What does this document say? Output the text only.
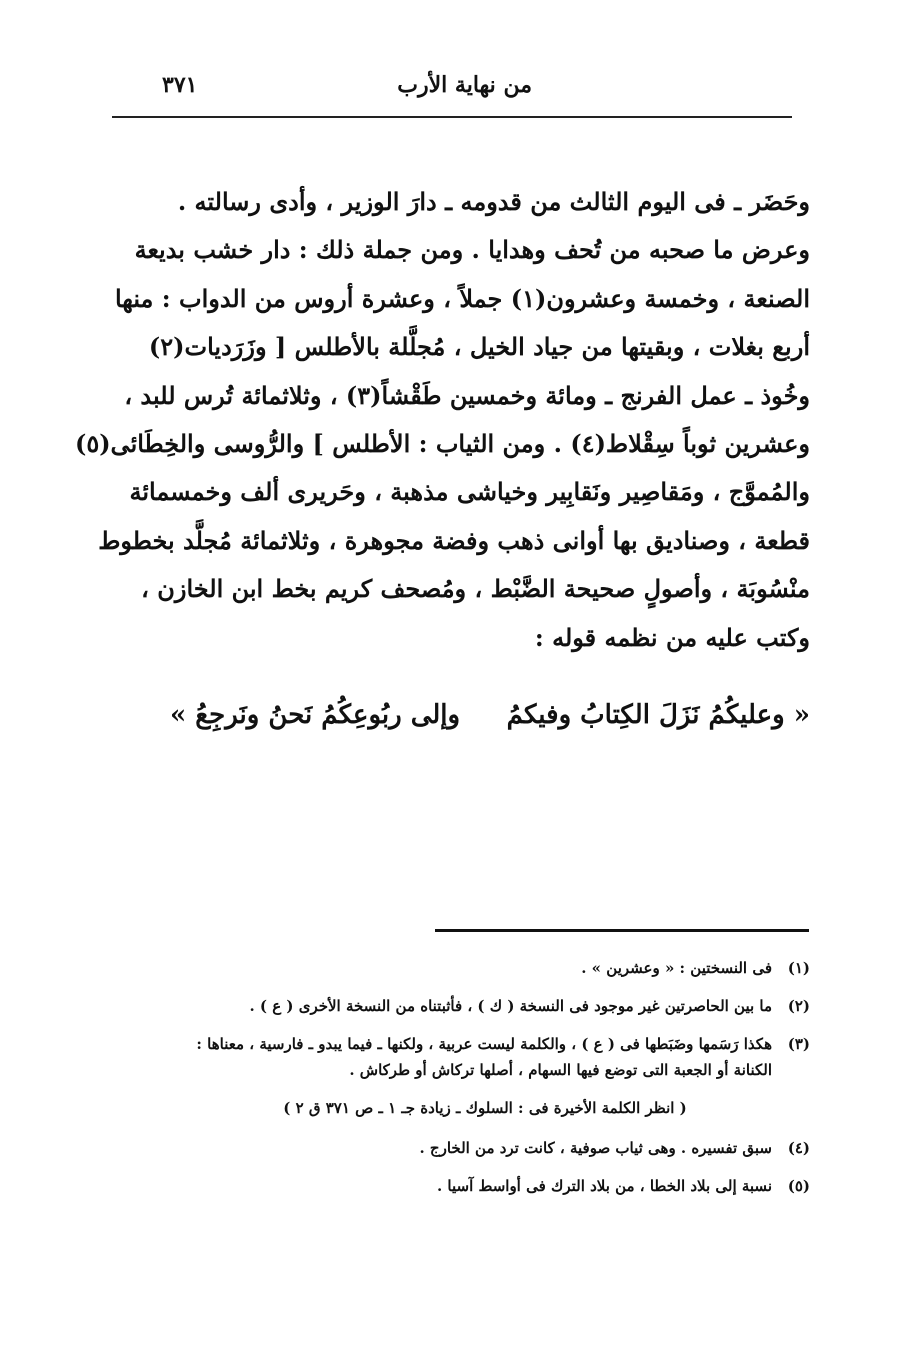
من نهاية الأرب
٣٧١
وحَضَر ـ فى اليوم الثالث من قدومه ـ دارَ الوزير ، وأدى رسالته .
وعرض ما صحبه من تُحف وهدايا . ومن جملة ذلك : دار خشب بديعة
الصنعة ، وخمسة وعشرون(١) جملاً ، وعشرة أروس من الدواب : منها
أربع بغلات ، وبقيتها من جياد الخيل ، مُجلَّلة بالأطلس [ وزَرَديات(٢)
وخُوذ ـ عمل الفرنج ـ ومائة وخمسين طَقْشاً(٣) ، وثلاثمائة تُرس للبد ،
وعشرين ثوباً سِقْلاط(٤) . ومن الثياب : الأطلس ] والرُّوسى والخِطَائى(٥)
والمُموَّج ، ومَقاصِير ونَقابِير وخياشى مذهبة ، وحَريرى ألف وخمسمائة
قطعة ، وصناديق بها أوانى ذهب وفضة مجوهرة ، وثلاثمائة مُجلَّد بخطوط
منْسُوبَة ، وأصولٍ صحيحة الضَّبْط ، ومُصحف كريم بخط ابن الخازن ،
وكتب عليه من نظمه قوله :
« وعليكُمُ نَزَلَ الكِتابُ وفيكمُ
وإلى ربُوعِكُمُ نَحنُ ونَرجِعُ »
(١)
فى النسختين : « وعشرين » .
(٢)
ما بين الحاصرتين غير موجود فى النسخة ( ك ) ، فأثبتناه من النسخة الأخرى ( ع ) .
(٣)
هكذا رَسَمها وضَبَطها فى ( ع ) ، والكلمة ليست عربية ، ولكنها ـ فيما يبدو ـ فارسية ، معناها : الكنانة أو الجعبة التى توضع فيها السهام ، أصلها تركاش أو طركاش .
( انظر الكلمة الأخيرة فى : السلوك ـ زيادة جـ ١ ـ ص ٣٧١ ق ٢ )
(٤)
سبق تفسيره . وهى ثياب صوفية ، كانت ترد من الخارج .
(٥)
نسبة إلى بلاد الخطا ، من بلاد الترك فى أواسط آسيا .
